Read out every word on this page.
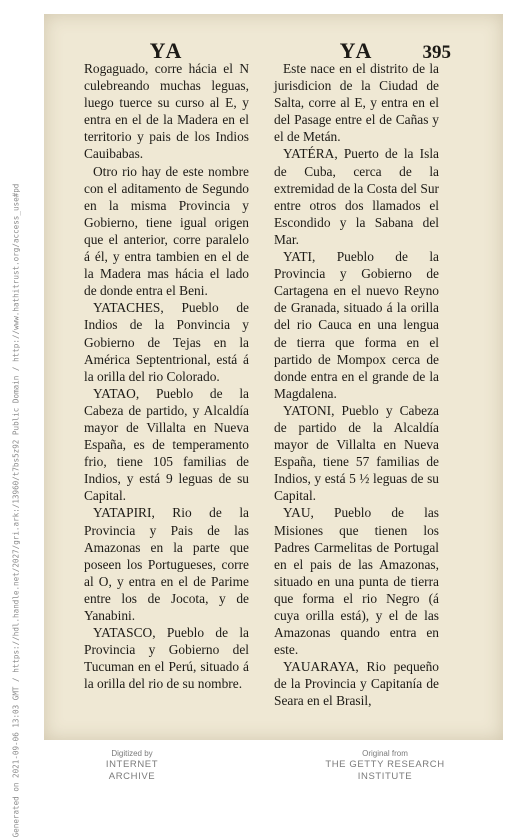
Generated on 2021-09-06 13:03 GMT / https://hdl.handle.net/2027/gri.ark:/13960/t7bs5z92 Public Domain / http://www.hathitrust.org/access_use#pd
YA

Rogaguado, corre hácia el N culebreando muchas leguas, luego tuerce su curso al E, y entra en el de la Madera en el territorio y pais de los Indios Cauibabas.

Otro rio hay de este nombre con el aditamento de Segundo en la misma Provincia y Gobierno, tiene igual origen que el anterior, corre paralelo á él, y entra tambien en el de la Madera mas hácia el lado de donde entra el Beni.

YATACHES, Pueblo de Indios de la Ponvincia y Gobierno de Tejas en la América Septentrional, está á la orilla del rio Colorado.

YATAO, Pueblo de la Cabeza de partido, y Alcaldía mayor de Villalta en Nueva España, es de temperamento frio, tiene 105 familias de Indios, y está 9 leguas de su Capital.

YATAPIRI, Rio de la Provincia y Pais de las Amazonas en la parte que poseen los Portugueses, corre al O, y entra en el de Parime entre los de Jocota, y de Yanabini.

YATASCO, Pueblo de la Provincia y Gobierno del Tucuman en el Perú, situado á la orilla del rio de su nombre.

YA	395

Este nace en el distrito de la jurisdicion de la Ciudad de Salta, corre al E, y entra en el del Pasage entre el de Cañas y el de Metán.

YATÉRA, Puerto de la Isla de Cuba, cerca de la extremidad de la Costa del Sur entre otros dos llamados el Escondido y la Sabana del Mar.

YATI, Pueblo de la Provincia y Gobierno de Cartagena en el nuevo Reyno de Granada, situado á la orilla del rio Cauca en una lengua de tierra que forma en el partido de Mompox cerca de donde entra en el grande de la Magdalena.

YATONI, Pueblo y Cabeza de partido de la Alcaldía mayor de Villalta en Nueva España, tiene 57 familias de Indios, y está 5 ½ leguas de su Capital.

YAU, Pueblo de las Misiones que tienen los Padres Carmelitas de Portugal en el pais de las Amazonas, situado en una punta de tierra que forma el rio Negro (á cuya orilla está), y el de las Amazonas quando entra en este.

YAUARAYA, Rio pequeño de la Provincia y Capitanía de Seara en el Brasil,

Digitized by
INTERNET ARCHIVE
Original from
THE GETTY RESEARCH INSTITUTE
